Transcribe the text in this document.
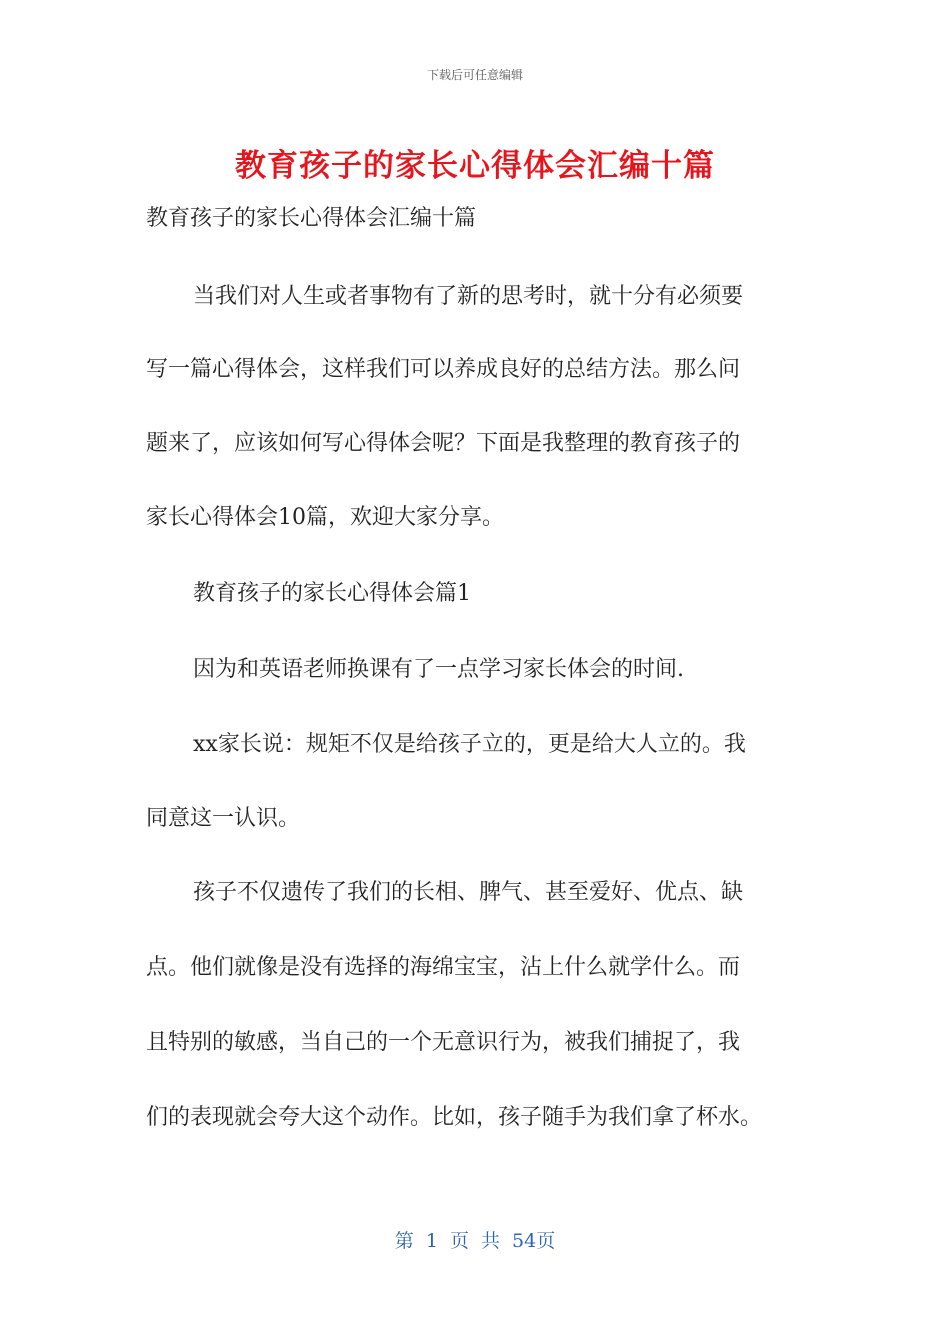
下载后可任意编辑
教育孩子的家长心得体会汇编十篇
教育孩子的家长心得体会汇编十篇
当我们对人生或者事物有了新的思考时，就十分有必须要
写一篇心得体会，这样我们可以养成良好的总结方法。那么问
题来了，应该如何写心得体会呢？下面是我整理的教育孩子的
家长心得体会10篇，欢迎大家分享。
教育孩子的家长心得体会篇1
因为和英语老师换课有了一点学习家长体会的时间.
xx家长说：规矩不仅是给孩子立的，更是给大人立的。我
同意这一认识。
孩子不仅遗传了我们的长相、脾气、甚至爱好、优点、缺
点。他们就像是没有选择的海绵宝宝，沾上什么就学什么。而
且特别的敏感，当自己的一个无意识行为，被我们捕捉了，我
们的表现就会夸大这个动作。比如，孩子随手为我们拿了杯水。
第 1 页 共 54页
